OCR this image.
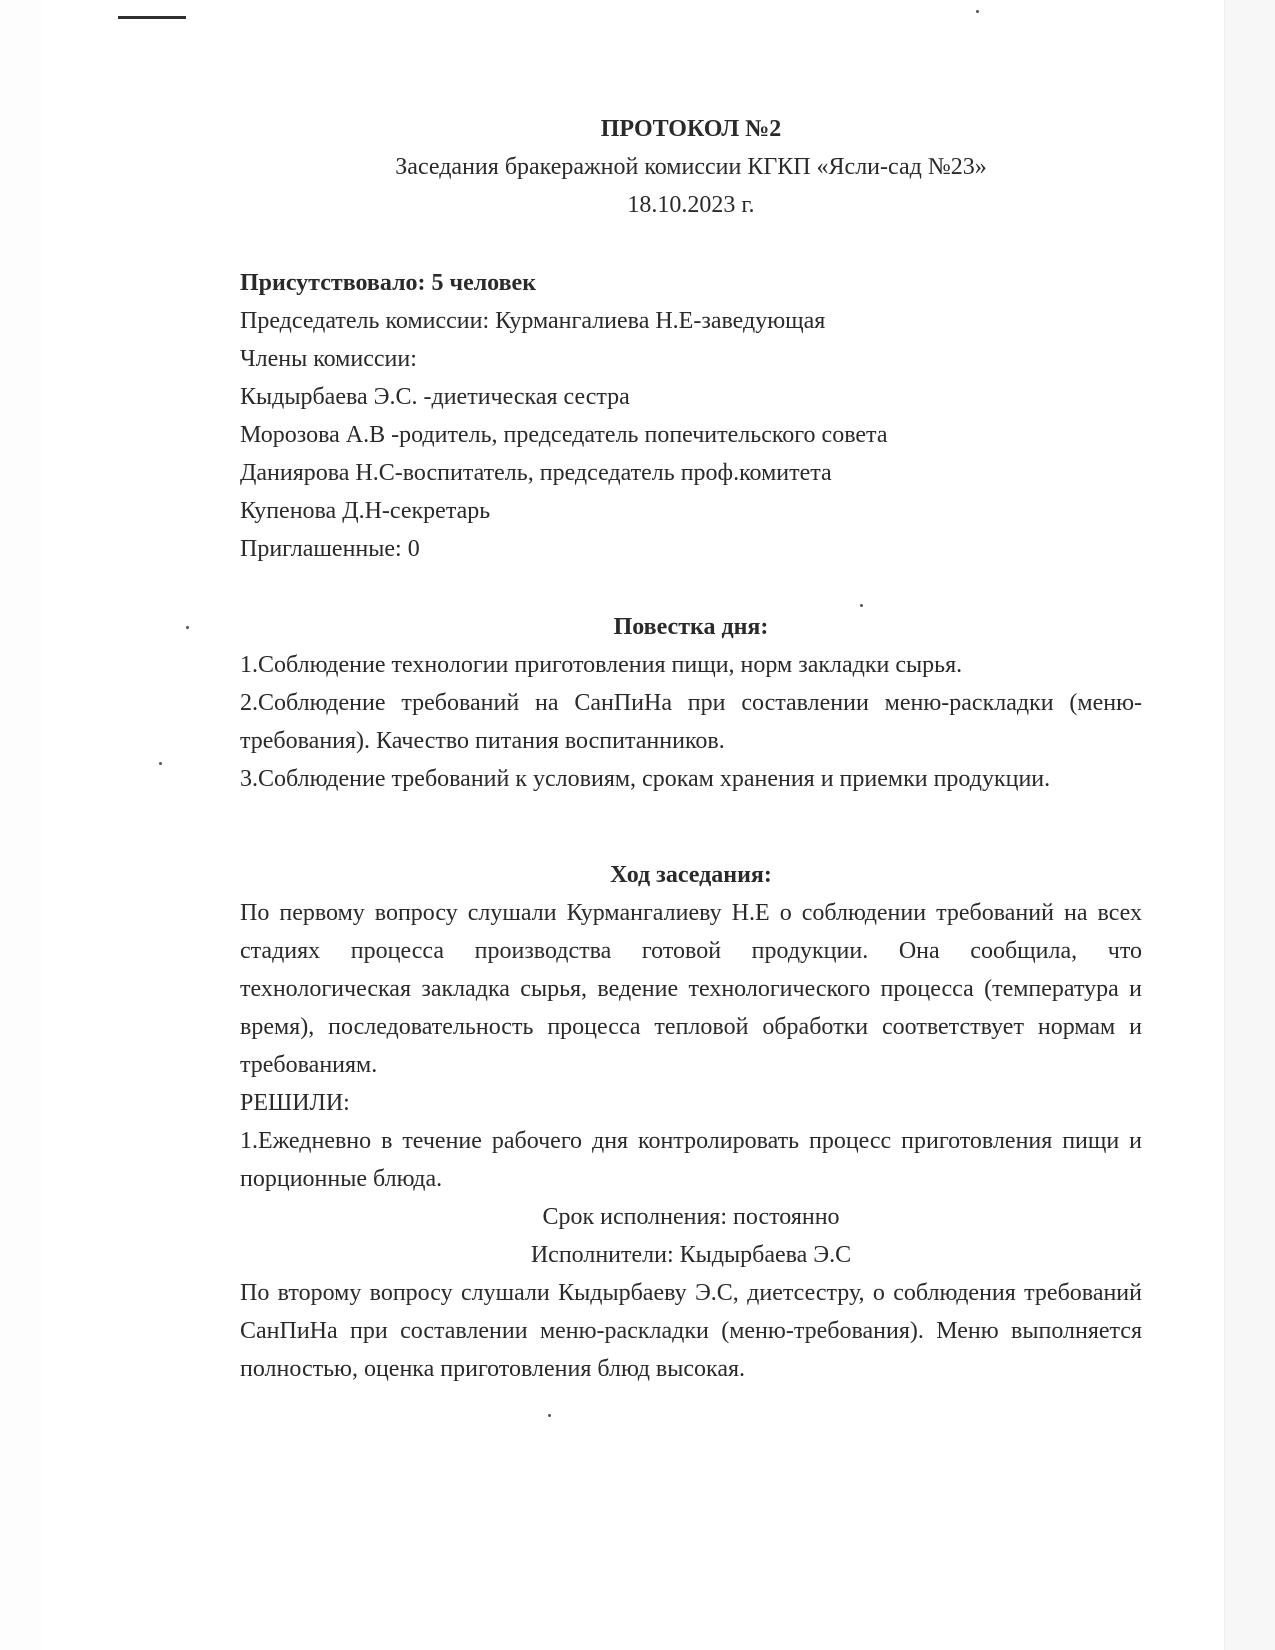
ПРОТОКОЛ №2
Заседания бракеражной комиссии КГКП «Ясли-сад №23»
18.10.2023 г.
Присутствовало: 5 человек
Председатель комиссии: Курмангалиева Н.Е-заведующая
Члены комиссии:
Кыдырбаева Э.С. -диетическая сестра
Морозова А.В -родитель, председатель попечительского совета
Даниярова Н.С-воспитатель, председатель проф.комитета
Купенова Д.Н-секретарь
Приглашенные: 0
Повестка дня:

1.Соблюдение технологии приготовления пищи, норм закладки сырья.

2.Соблюдение требований на СанПиНа при составлении меню-раскладки (меню-требования). Качество питания воспитанников.

3.Соблюдение требований к условиям, срокам хранения и приемки продукции.

Ход заседания:

По первому вопросу слушали Курмангалиеву Н.Е о соблюдении требований на всех стадиях процесса производства готовой продукции. Она сообщила, что технологическая закладка сырья, ведение технологического процесса (температура и время), последовательность процесса тепловой обработки соответствует нормам и требованиям.

РЕШИЛИ:

1.Ежедневно в течение рабочего дня контролировать процесс приготовления пищи и порционные блюда.

Срок исполнения: постоянно
Исполнители: Кыдырбаева Э.С

По второму вопросу слушали Кыдырбаеву Э.С, диетсестру, о соблюдения требований СанПиНа при составлении меню-раскладки (меню-требования). Меню выполняется полностью, оценка приготовления блюд высокая.
